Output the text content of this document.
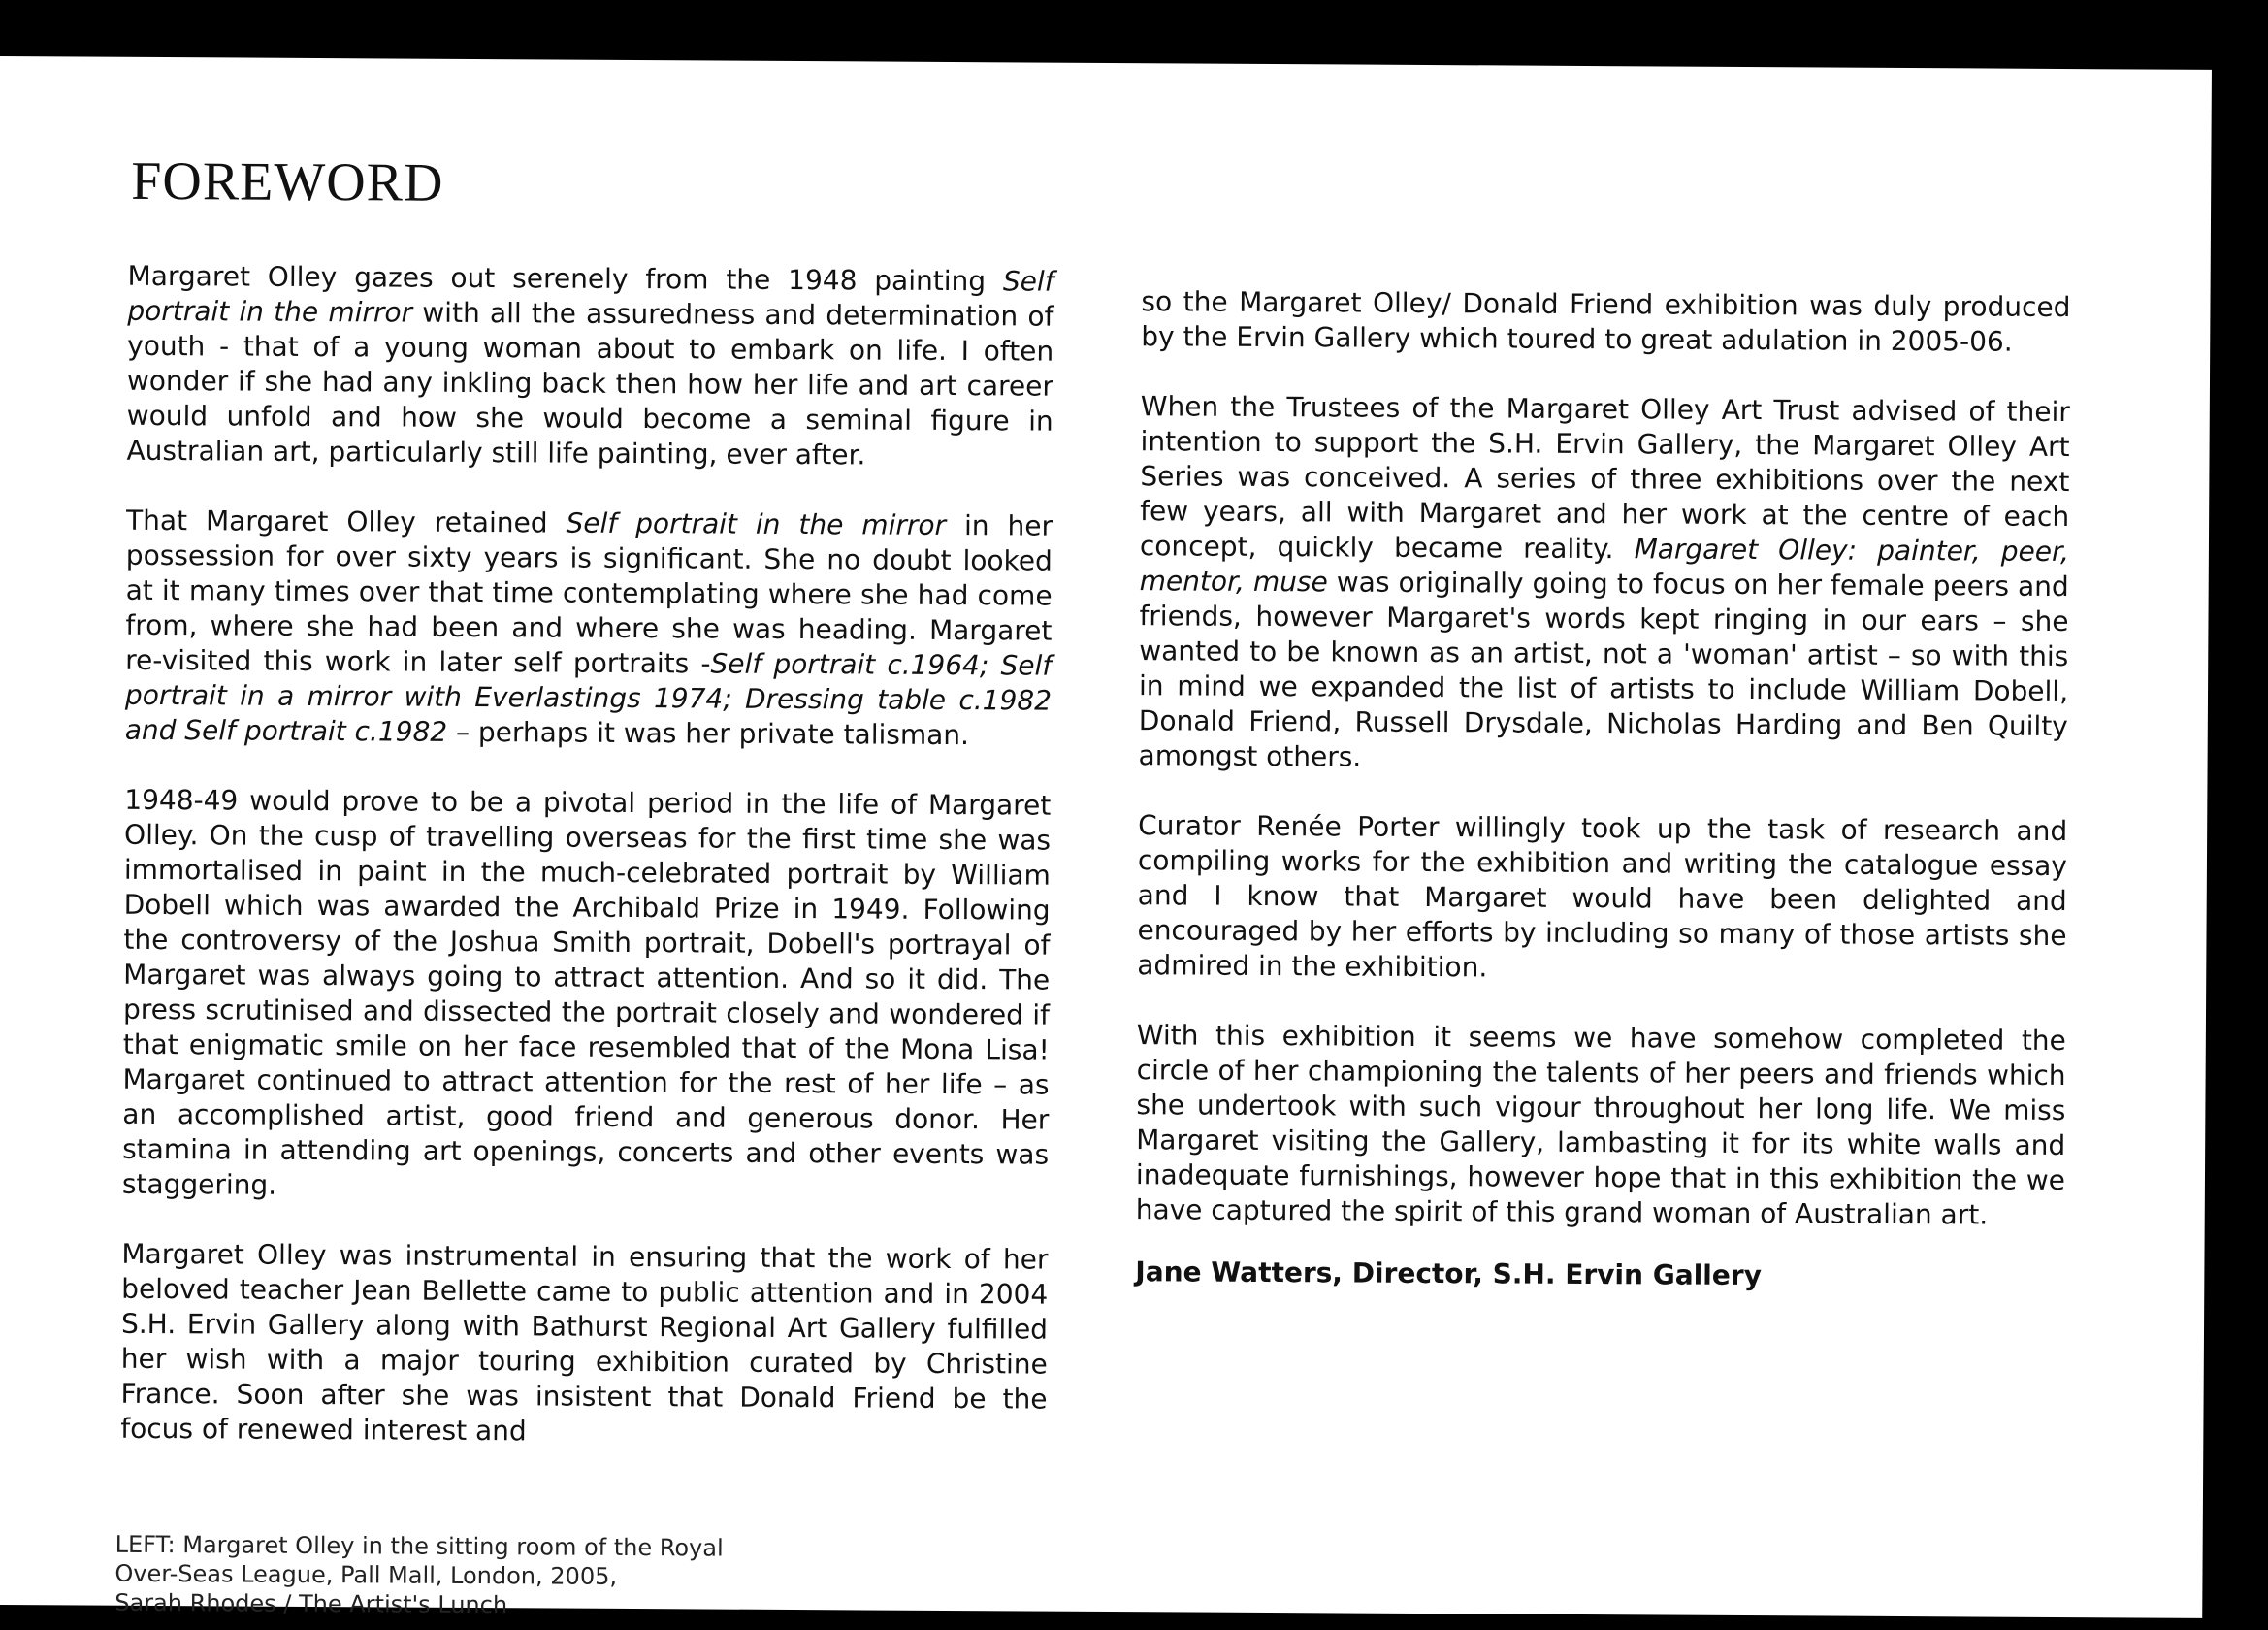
FOREWORD

Margaret Olley gazes out serenely from the 1948 painting Self portrait in the mirror with all the assuredness and determination of youth - that of a young woman about to embark on life. I often wonder if she had any inkling back then how her life and art career would unfold and how she would become a seminal figure in Australian art, particularly still life painting, ever after.

That Margaret Olley retained Self portrait in the mirror in her possession for over sixty years is significant. She no doubt looked at it many times over that time contemplating where she had come from, where she had been and where she was heading. Margaret re-visited this work in later self portraits -Self portrait c.1964; Self portrait in a mirror with Everlastings 1974; Dressing table c.1982 and Self portrait c.1982 – perhaps it was her private talisman.

1948-49 would prove to be a pivotal period in the life of Margaret Olley. On the cusp of travelling overseas for the first time she was immortalised in paint in the much-celebrated portrait by William Dobell which was awarded the Archibald Prize in 1949. Following the controversy of the Joshua Smith portrait, Dobell's portrayal of Margaret was always going to attract attention. And so it did. The press scrutinised and dissected the portrait closely and wondered if that enigmatic smile on her face resembled that of the Mona Lisa! Margaret continued to attract attention for the rest of her life – as an accomplished artist, good friend and generous donor. Her stamina in attending art openings, concerts and other events was staggering.

Margaret Olley was instrumental in ensuring that the work of her beloved teacher Jean Bellette came to public attention and in 2004 S.H. Ervin Gallery along with Bathurst Regional Art Gallery fulfilled her wish with a major touring exhibition curated by Christine France. Soon after she was insistent that Donald Friend be the focus of renewed interest and

so the Margaret Olley/ Donald Friend exhibition was duly produced by the Ervin Gallery which toured to great adulation in 2005-06.

When the Trustees of the Margaret Olley Art Trust advised of their intention to support the S.H. Ervin Gallery, the Margaret Olley Art Series was conceived. A series of three exhibitions over the next few years, all with Margaret and her work at the centre of each concept, quickly became reality. Margaret Olley: painter, peer, mentor, muse was originally going to focus on her female peers and friends, however Margaret's words kept ringing in our ears – she wanted to be known as an artist, not a 'woman' artist – so with this in mind we expanded the list of artists to include William Dobell, Donald Friend, Russell Drysdale, Nicholas Harding and Ben Quilty amongst others.

Curator Renée Porter willingly took up the task of research and compiling works for the exhibition and writing the catalogue essay and I know that Margaret would have been delighted and encouraged by her efforts by including so many of those artists she admired in the exhibition.

With this exhibition it seems we have somehow completed the circle of her championing the talents of her peers and friends which she undertook with such vigour throughout her long life. We miss Margaret visiting the Gallery, lambasting it for its white walls and inadequate furnishings, however hope that in this exhibition the we have captured the spirit of this grand woman of Australian art.

Jane Watters, Director, S.H. Ervin Gallery

LEFT: Margaret Olley in the sitting room of the Royal
Over-Seas League, Pall Mall, London, 2005,
Sarah Rhodes / The Artist's Lunch
